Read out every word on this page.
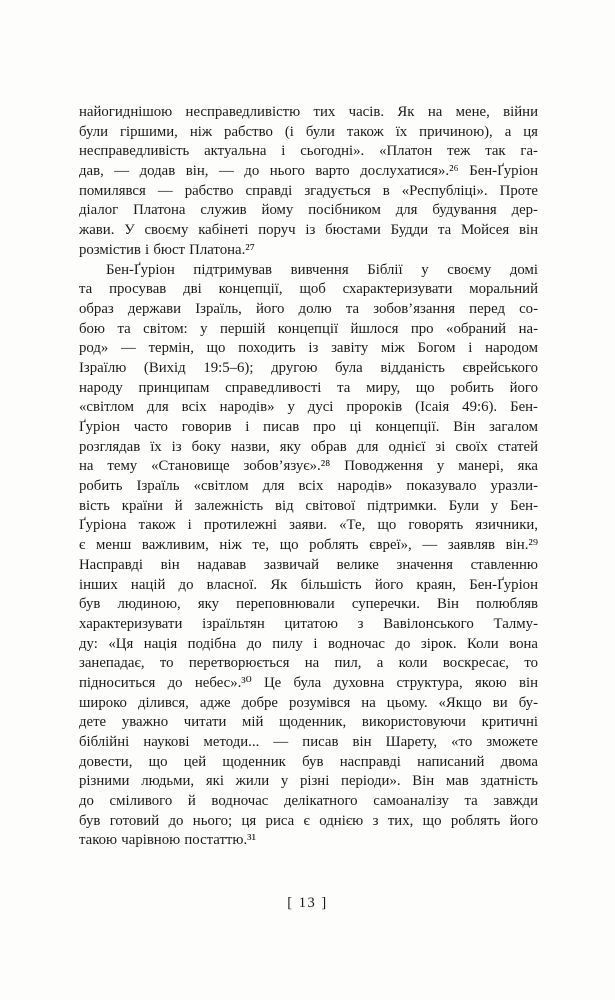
найогиднішою несправедливістю тих часів. Як на мене, війни
були гіршими, ніж рабство (і були також їх причиною), а ця
несправедливість актуальна і сьогодні». «Платон теж так га-
дав, — додав він, — до нього варто дослухатися».²⁶ Бен-Ґуріон
помилявся — рабство справді згадується в «Республіці». Проте
діалог Платона служив йому посібником для будування дер-
жави. У своєму кабінеті поруч із бюстами Будди та Мойсея він
розмістив і бюст Платона.²⁷
Бен-Ґуріон підтримував вивчення Біблії у своєму домі
та просував дві концепції, щоб схарактеризувати моральний
образ держави Ізраїль, його долю та зобов’язання перед со-
бою та світом: у першій концепції йшлося про «обраний на-
род» — термін, що походить із завіту між Богом і народом
Ізраїлю (Вихід 19:5–6); другою була відданість єврейського
народу принципам справедливості та миру, що робить його
«світлом для всіх народів» у дусі пророків (Ісаія 49:6). Бен-
Ґуріон часто говорив і писав про ці концепції. Він загалом
розглядав їх із боку назви, яку обрав для однієї зі своїх статей
на тему «Становище зобов’язує».²⁸ Поводження у манері, яка
робить Ізраїль «світлом для всіх народів» показувало уразли-
вість країни й залежність від світової підтримки. Були у Бен-
Ґуріона також і протилежні заяви. «Те, що говорять язичники,
є менш важливим, ніж те, що роблять євреї», — заявляв він.²⁹
Насправді він надавав зазвичай велике значення ставленню
інших націй до власної. Як більшість його краян, Бен-Ґуріон
був людиною, яку переповнювали суперечки. Він полюбляв
характеризувати ізраїльтян цитатою з Вавілонського Талму-
ду: «Ця нація подібна до пилу і водночас до зірок. Коли вона
занепадає, то перетворюється на пил, а коли воскресає, то
підноситься до небес».³⁰ Це була духовна структура, якою він
широко ділився, адже добре розумівся на цьому. «Якщо ви бу-
дете уважно читати мій щоденник, використовуючи критичні
біблійні наукові методи... — писав він Шарету, «то зможете
довести, що цей щоденник був насправді написаний двома
різними людьми, які жили у різні періоди». Він мав здатність
до сміливого й водночас делікатного самоаналізу та завжди
був готовий до нього; ця риса є однією з тих, що роблять його
такою чарівною постаттю.³¹
[ 13 ]
